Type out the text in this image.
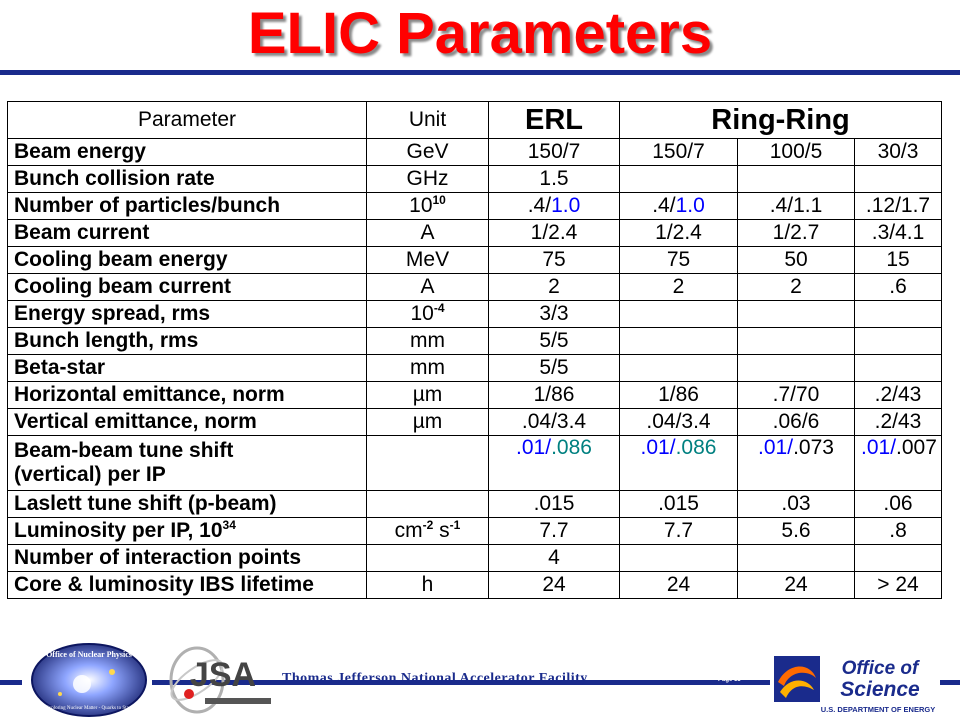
ELIC Parameters
Parameter	Unit	ERL	Ring-Ring		
Beam energy	GeV	150/7	150/7	100/5	30/3
Bunch collision rate	GHz	1.5			
Number of particles/bunch	$10^{10}$	.4/1.0	.4/1.0	.4/1.1	.12/1.7
Beam current	A	1/2.4	1/2.4	1/2.7	.3/4.1
Cooling beam energy	MeV	75	75	50	15
Cooling beam current	A	2	2	2	.6
Energy spread, rms	$10^{-4}$	3/3			
Bunch length, rms	mm	5/5			
Beta-star	mm	5/5			
Horizontal emittance, norm	µm	1/86	1/86	.7/70	.2/43
Vertical emittance, norm	µm	.04/3.4	.04/3.4	.06/6	.2/43
Beam-beam tune shift
(vertical) per IP		.01/.086	.01/.086	.01/.073	.01/.007
Laslett tune shift (p-beam)		.015	.015	.03	.06
Luminosity per IP, $10^{34}$	$cm^{-2}$ $s^{-1}$	7.7	7.7	5.6	.8
Number of interaction points		4			
Core & luminosity IBS lifetime	h	24	24	24	> 24
Office of Nuclear Physics
Exploring Nuclear Matter - Quarks to Stars
JSA Thomas Jefferson National Accelerator Facility	Page 15
Office of
Science
U.S. DEPARTMENT OF ENERGY
